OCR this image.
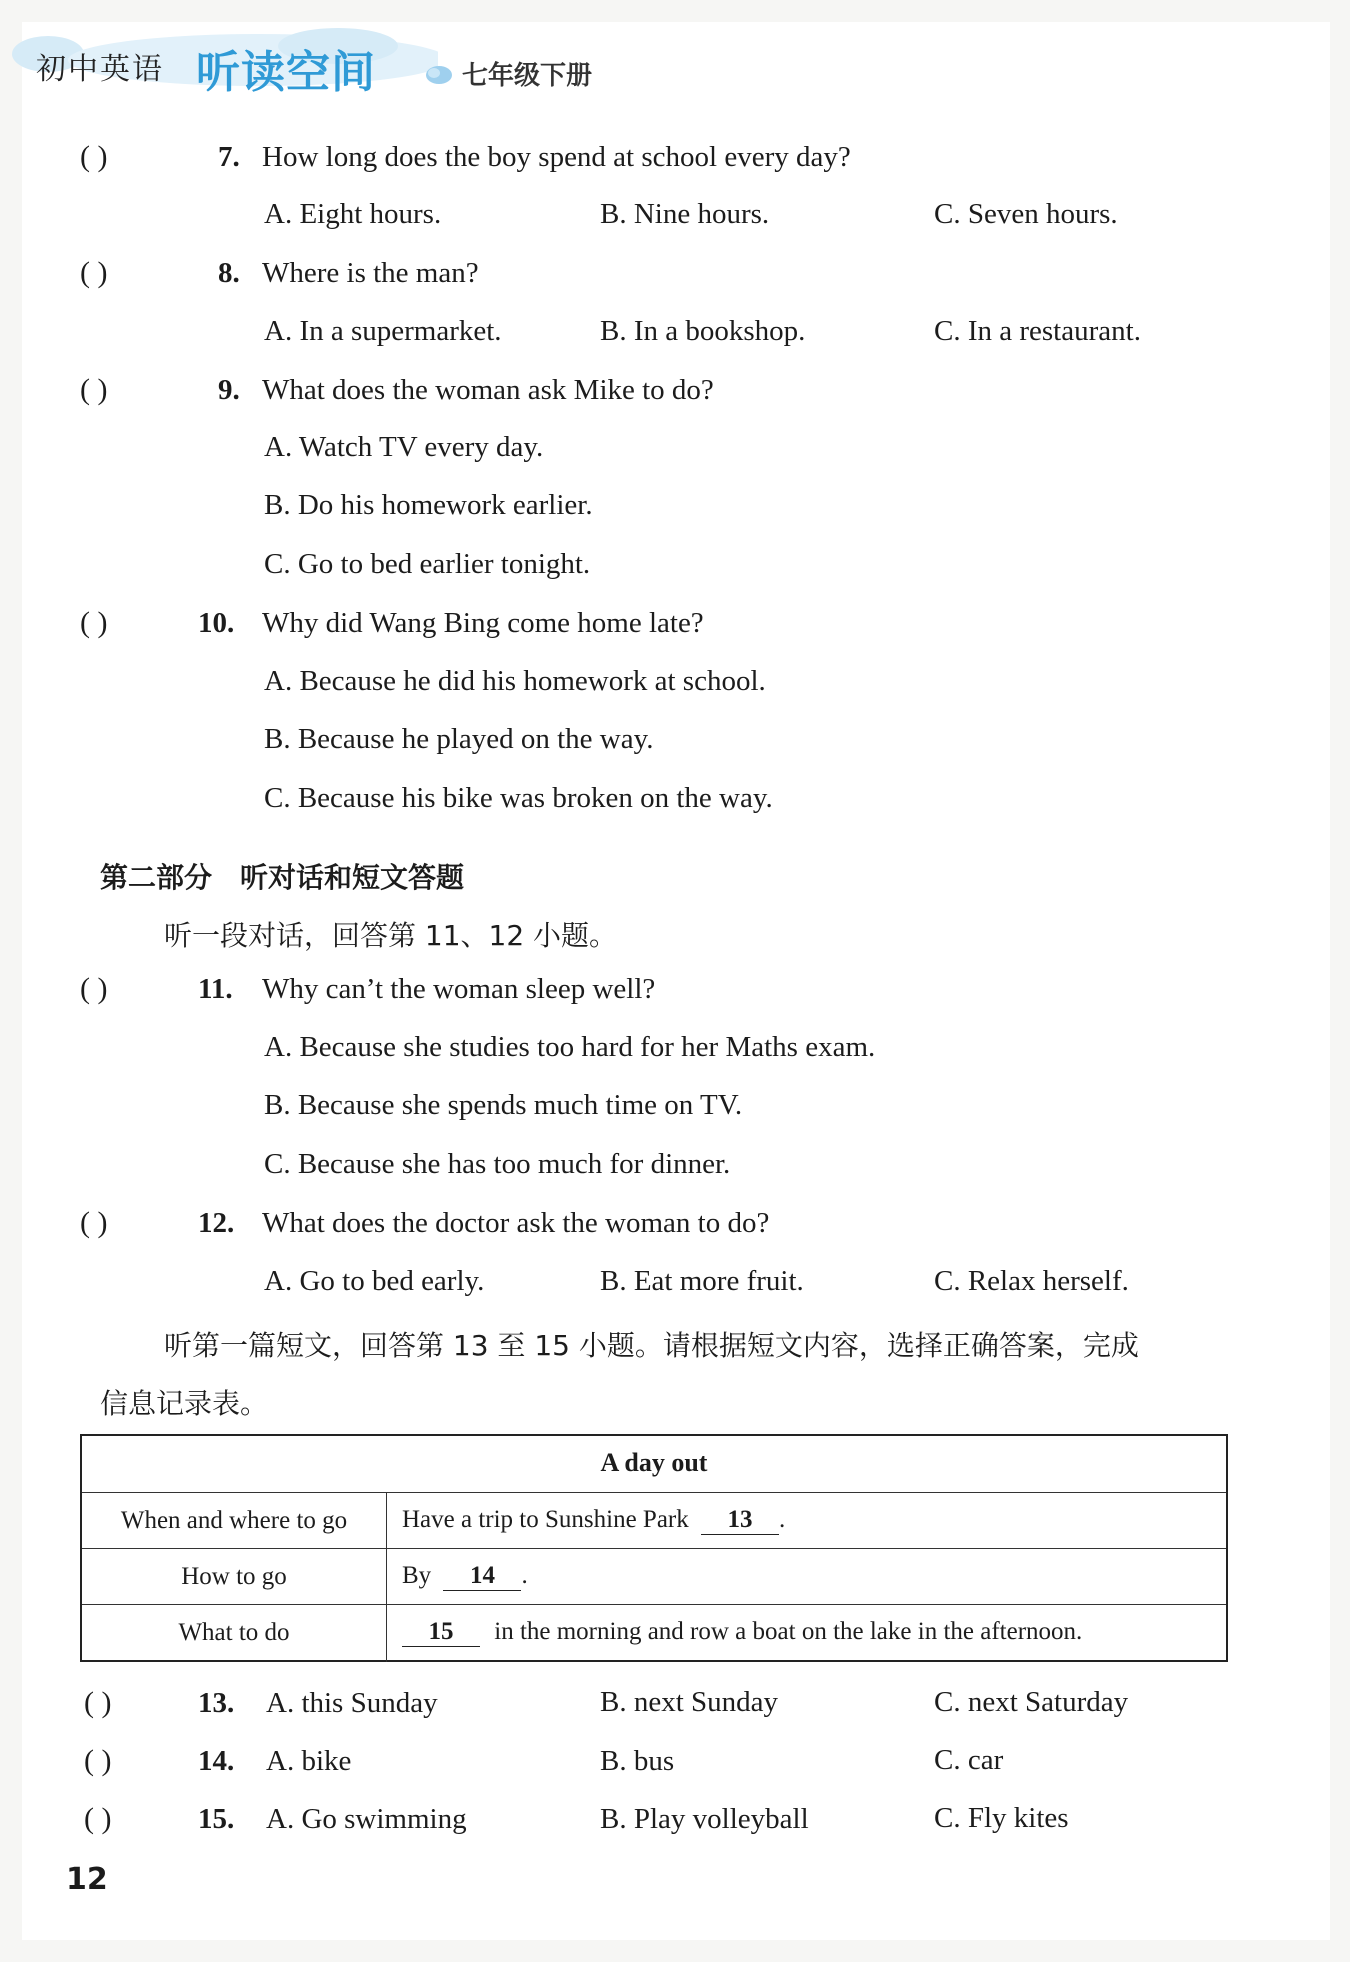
初中英语 听读空间	七年级下册
( )	7. How long does the boy spend at school every day?
A. Eight hours.	B. Nine hours.	C. Seven hours.
( )	8. Where is the man?
A. In a supermarket.	B. In a bookshop.	C. In a restaurant.
( )	9. What does the woman ask Mike to do?
A. Watch TV every day.
B. Do his homework earlier.
C. Go to bed earlier tonight.
( )	10. Why did Wang Bing come home late?
A. Because he did his homework at school.
B. Because he played on the way.
C. Because his bike was broken on the way.
第二部分　听对话和短文答题
听一段对话，回答第 11、12 小题。
( )	11. Why can’t the woman sleep well?
A. Because she studies too hard for her Maths exam.
B. Because she spends much time on TV.
C. Because she has too much for dinner.
( )	12. What does the doctor ask the woman to do?
A. Go to bed early.	B. Eat more fruit.	C. Relax herself.
听第一篇短文，回答第 13 至 15 小题。请根据短文内容，选择正确答案，完成
信息记录表。
A day out
When and where to go	Have a trip to Sunshine Park 13 .
How to go	By 14 .
What to do	15 in the morning and row a boat on the lake in the afternoon.
( )	13. A. this Sunday	B. next Sunday	C. next Saturday
( )	14. A. bike	B. bus	C. car
( )	15. A. Go swimming	B. Play volleyball	C. Fly kites
12
